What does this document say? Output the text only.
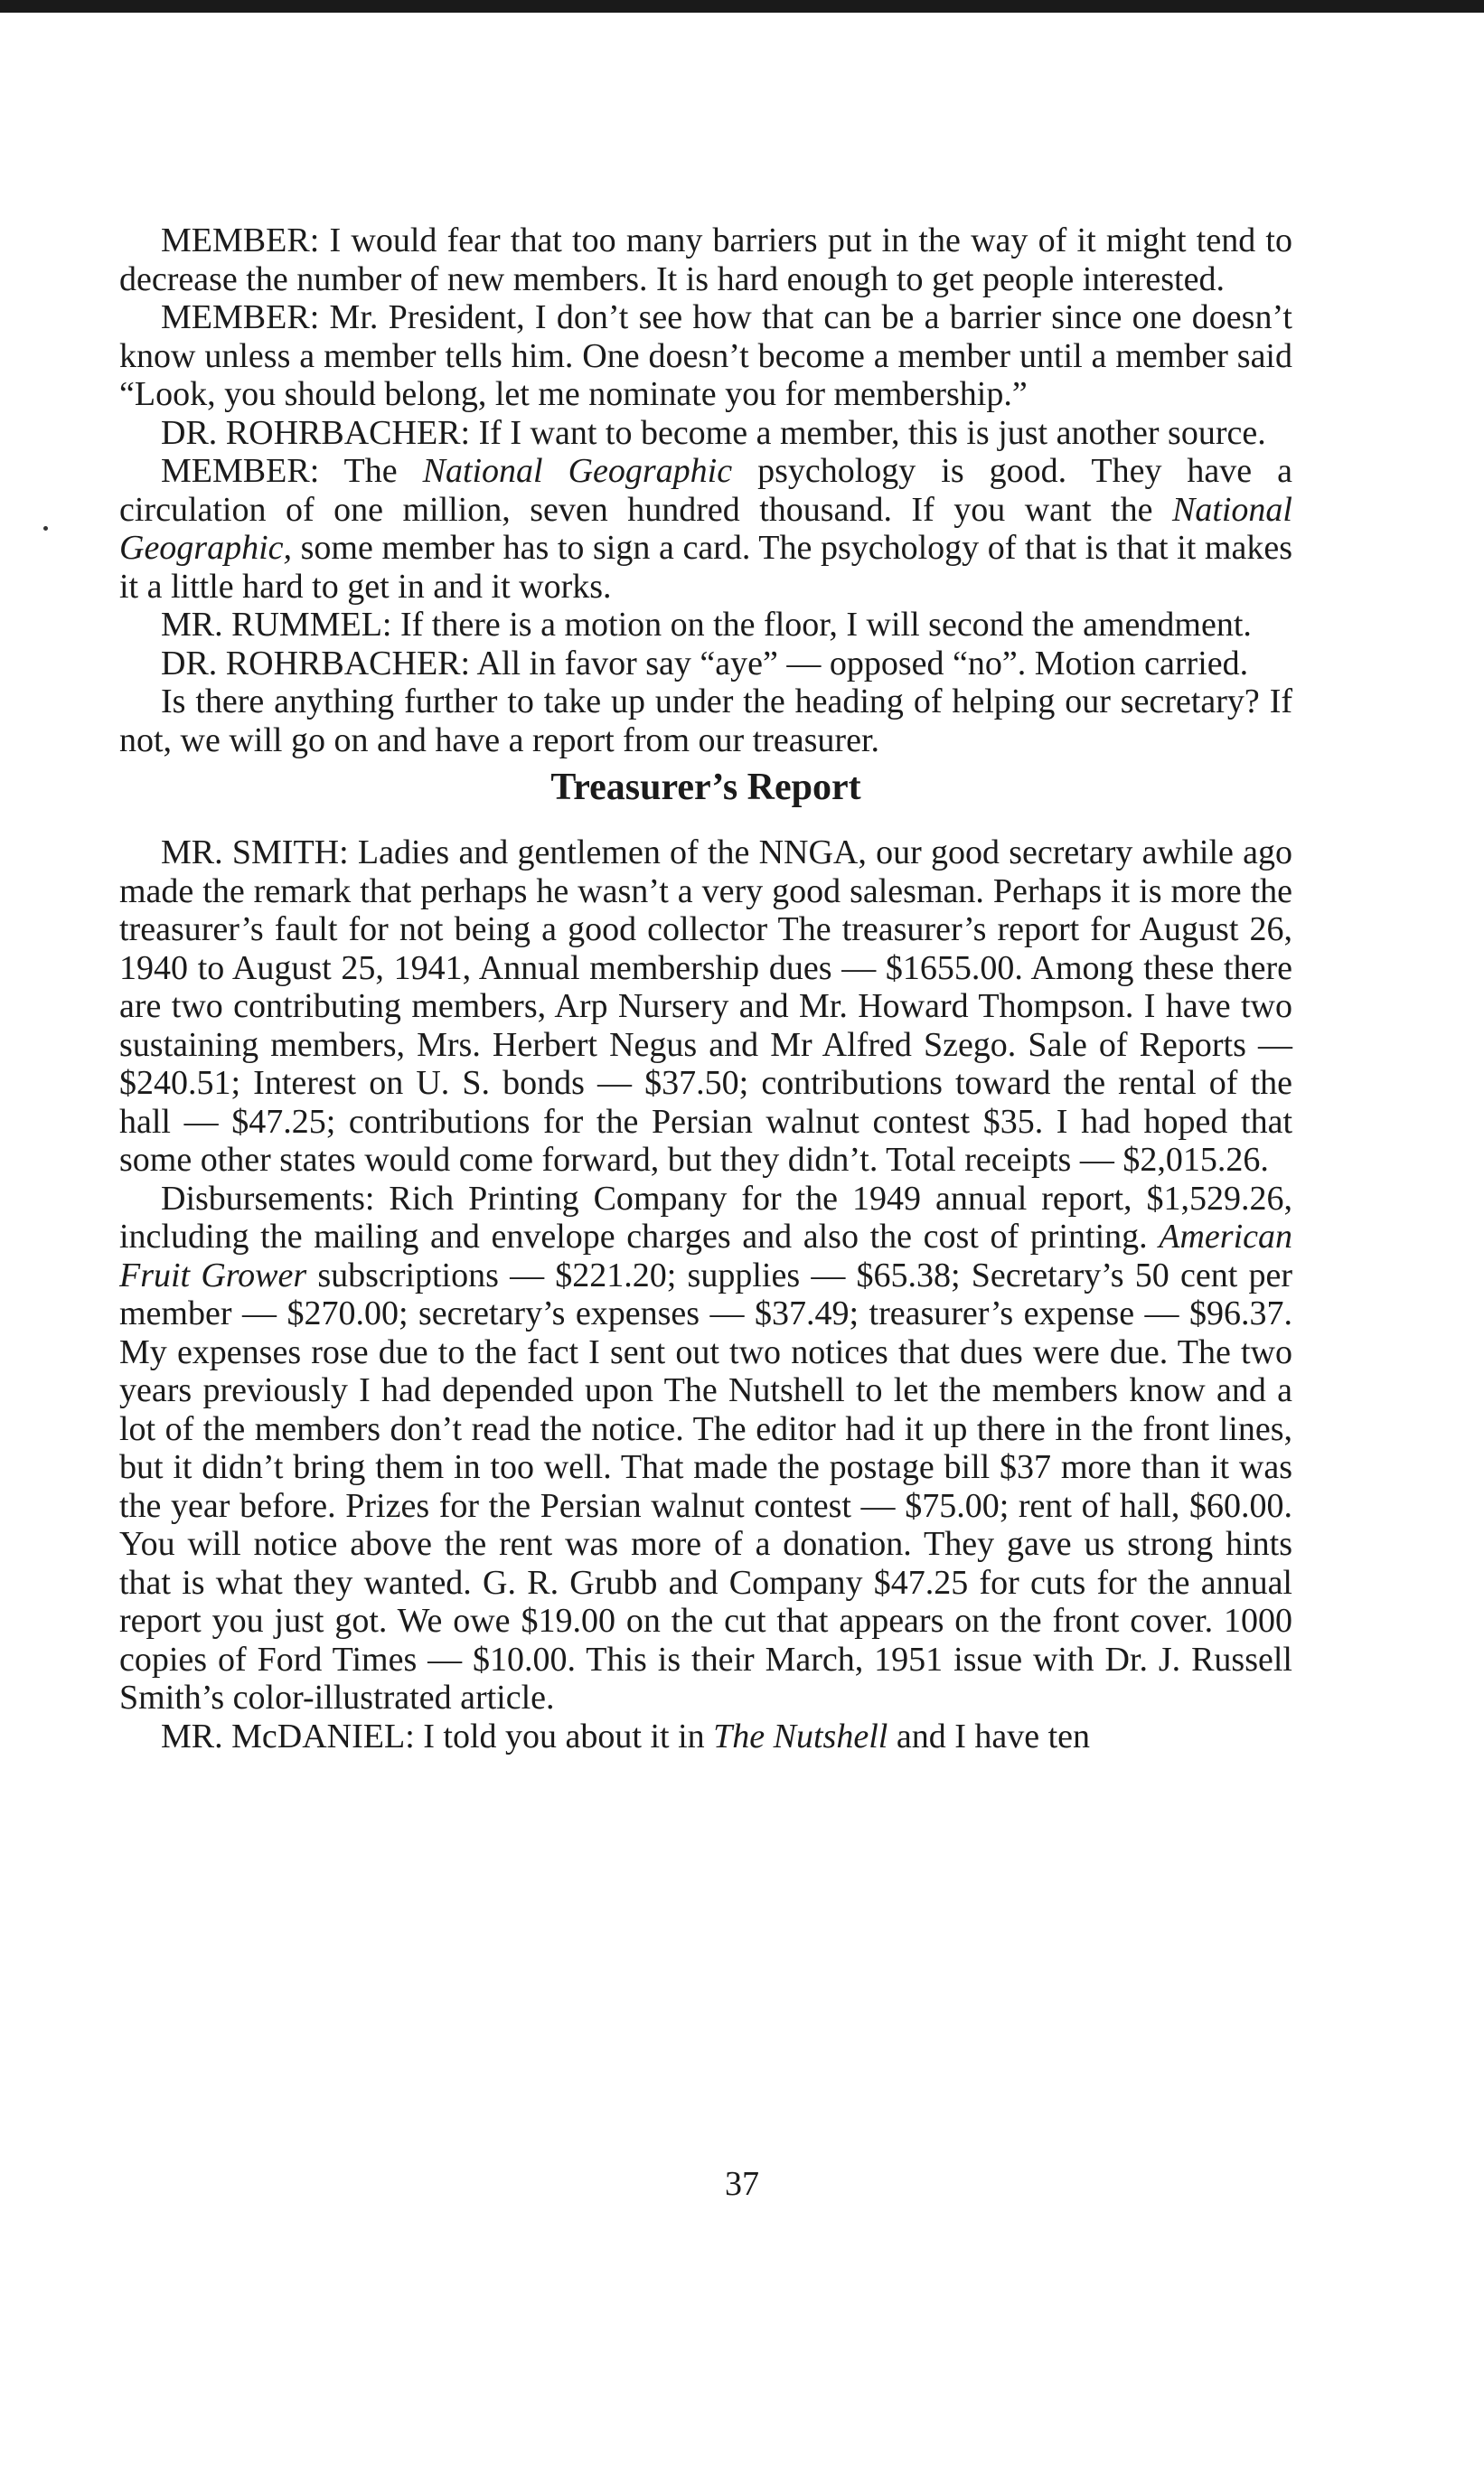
MEMBER: I would fear that too many barriers put in the way of it might tend to decrease the number of new members. It is hard enough to get people interested.

MEMBER: Mr. President, I don’t see how that can be a barrier since one doesn’t know unless a member tells him. One doesn’t become a member until a member said “Look, you should belong, let me nominate you for membership.”

DR. ROHRBACHER: If I want to become a member, this is just another source.

MEMBER: The National Geographic psychology is good. They have a circulation of one million, seven hundred thousand. If you want the National Geographic, some member has to sign a card. The psychology of that is that it makes it a little hard to get in and it works.

MR. RUMMEL: If there is a motion on the floor, I will second the amendment.

DR. ROHRBACHER: All in favor say “aye” — opposed “no”. Motion carried.

Is there anything further to take up under the heading of helping our secretary? If not, we will go on and have a report from our treasurer.

Treasurer’s Report

MR. SMITH: Ladies and gentlemen of the NNGA, our good secretary awhile ago made the remark that perhaps he wasn’t a very good salesman. Perhaps it is more the treasurer’s fault for not being a good collector The treasurer’s report for August 26, 1940 to August 25, 1941, Annual membership dues — $1655.00. Among these there are two contributing members, Arp Nursery and Mr. Howard Thompson. I have two sustaining members, Mrs. Herbert Negus and Mr Alfred Szego. Sale of Reports — $240.51; Interest on U. S. bonds — $37.50; contributions toward the rental of the hall — $47.25; contributions for the Persian walnut contest $35. I had hoped that some other states would come forward, but they didn’t. Total receipts — $2,015.26.

Disbursements: Rich Printing Company for the 1949 annual report, $1,529.26, including the mailing and envelope charges and also the cost of printing. American Fruit Grower subscriptions — $221.20; supplies — $65.38; Secretary’s 50 cent per member — $270.00; secretary’s expenses — $37.49; treasurer’s expense — $96.37. My expenses rose due to the fact I sent out two notices that dues were due. The two years previously I had depended upon The Nutshell to let the members know and a lot of the members don’t read the notice. The editor had it up there in the front lines, but it didn’t bring them in too well. That made the postage bill $37 more than it was the year before. Prizes for the Persian walnut contest — $75.00; rent of hall, $60.00. You will notice above the rent was more of a donation. They gave us strong hints that is what they wanted. G. R. Grubb and Company $47.25 for cuts for the annual report you just got. We owe $19.00 on the cut that appears on the front cover. 1000 copies of Ford Times — $10.00. This is their March, 1951 issue with Dr. J. Russell Smith’s color-illustrated article.

MR. McDANIEL: I told you about it in The Nutshell and I have ten

37
